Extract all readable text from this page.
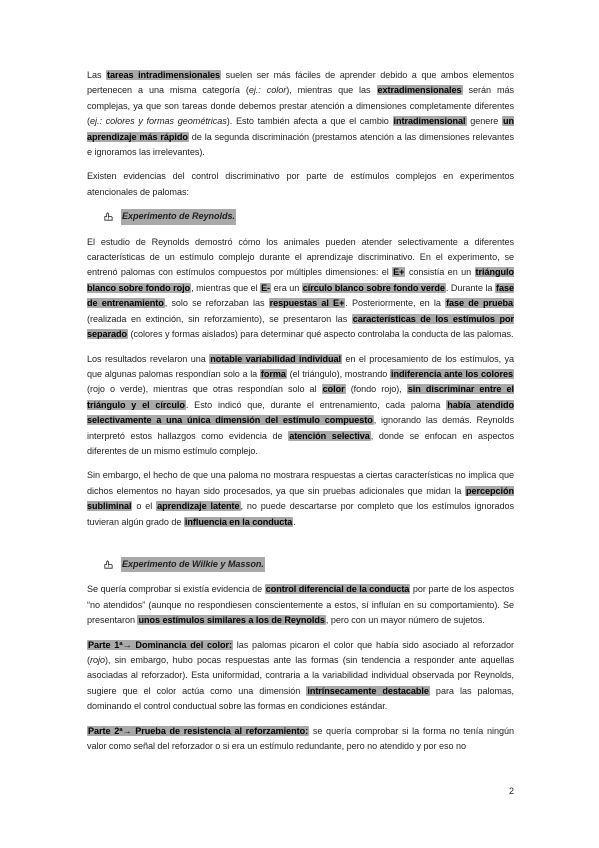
Las tareas intradimensionales suelen ser más fáciles de aprender debido a que ambos elementos pertenecen a una misma categoría (ej.: color), mientras que las extradimensionales serán más complejas, ya que son tareas donde debemos prestar atención a dimensiones completamente diferentes (ej.: colores y formas geométricas). Esto también afecta a que el cambio intradimensional genere un aprendizaje más rápido de la segunda discriminación (prestamos atención a las dimensiones relevantes e ignoramos las irrelevantes).

Existen evidencias del control discriminativo por parte de estímulos complejos en experimentos atencionales de palomas:

Experimento de Reynolds.

El estudio de Reynolds demostró cómo los animales pueden atender selectivamente a diferentes características de un estímulo complejo durante el aprendizaje discriminativo. En el experimento, se entrenó palomas con estímulos compuestos por múltiples dimensiones: el E+ consistía en un triángulo blanco sobre fondo rojo, mientras que el E- era un círculo blanco sobre fondo verde. Durante la fase de entrenamiento, solo se reforzaban las respuestas al E+. Posteriormente, en la fase de prueba (realizada en extinción, sin reforzamiento), se presentaron las características de los estímulos por separado (colores y formas aislados) para determinar qué aspecto controlaba la conducta de las palomas.

Los resultados revelaron una notable variabilidad individual en el procesamiento de los estímulos, ya que algunas palomas respondían solo a la forma (el triángulo), mostrando indiferencia ante los colores (rojo o verde), mientras que otras respondían solo al color (fondo rojo), sin discriminar entre el triángulo y el círculo. Esto indicó que, durante el entrenamiento, cada paloma había atendido selectivamente a una única dimensión del estímulo compuesto, ignorando las demás. Reynolds interpretó estos hallazgos como evidencia de atención selectiva, donde se enfocan en aspectos diferentes de un mismo estímulo complejo.

Sin embargo, el hecho de que una paloma no mostrara respuestas a ciertas características no implica que dichos elementos no hayan sido procesados, ya que sin pruebas adicionales que midan la percepción subliminal o el aprendizaje latente, no puede descartarse por completo que los estímulos ignorados tuvieran algún grado de influencia en la conducta.

Experimento de Wilkie y Masson.

Se quería comprobar si existía evidencia de control diferencial de la conducta por parte de los aspectos “no atendidos” (aunque no respondiesen conscientemente a estos, sí influían en su comportamiento). Se presentaron unos estímulos similares a los de Reynolds, pero con un mayor número de sujetos.

Parte 1ª→ Dominancia del color: las palomas picaron el color que había sido asociado al reforzador (rojo), sin embargo, hubo pocas respuestas ante las formas (sin tendencia a responder ante aquellas asociadas al reforzador). Esta uniformidad, contraria a la variabilidad individual observada por Reynolds, sugiere que el color actúa como una dimensión intrínsecamente destacable para las palomas, dominando el control conductual sobre las formas en condiciones estándar.

Parte 2ª→ Prueba de resistencia al reforzamiento: se quería comprobar si la forma no tenía ningún valor como señal del reforzador o si era un estímulo redundante, pero no atendido y por eso no

2
